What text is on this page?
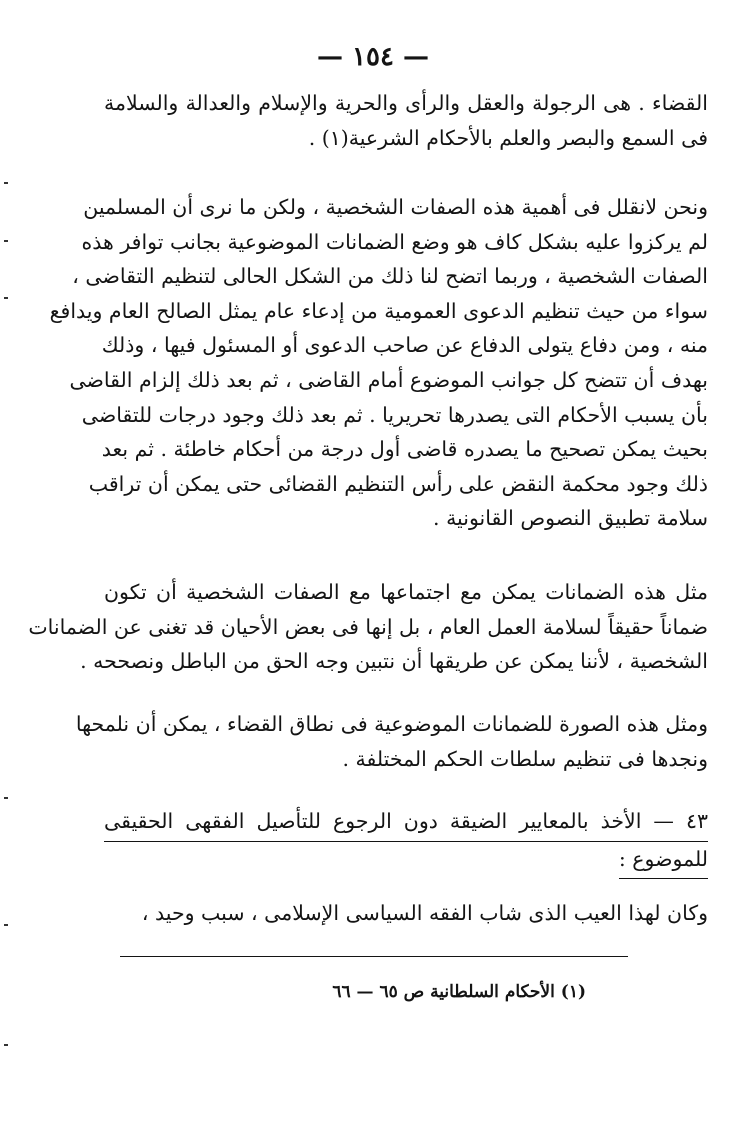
— ١٥٤ —
القضاء . هى الرجولة والعقل والرأى والحرية والإسلام والعدالة والسلامة
فى السمع والبصر والعلم بالأحكام الشرعية(١) .
ونحن لانقلل فى أهمية هذه الصفات الشخصية ، ولكن ما نرى أن المسلمين
لم يركزوا عليه بشكل كاف هو وضع الضمانات الموضوعية بجانب توافر هذه
الصفات الشخصية ، وربما اتضح لنا ذلك من الشكل الحالى لتنظيم التقاضى ،
سواء من حيث تنظيم الدعوى العمومية من إدعاء عام يمثل الصالح العام ويدافع
منه ، ومن دفاع يتولى الدفاع عن صاحب الدعوى أو المسئول فيها ، وذلك
بهدف أن تتضح كل جوانب الموضوع أمام القاضى ، ثم بعد ذلك إلزام القاضى
بأن يسبب الأحكام التى يصدرها تحريريا . ثم بعد ذلك وجود درجات للتقاضى
بحيث يمكن تصحيح ما يصدره قاضى أول درجة من أحكام خاطئة . ثم بعد
ذلك وجود محكمة النقض على رأس التنظيم القضائى حتى يمكن أن تراقب
سلامة تطبيق النصوص القانونية .
مثل هذه الضمانات يمكن مع اجتماعها مع الصفات الشخصية أن تكون
ضماناً حقيقاً لسلامة العمل العام ، بل إنها فى بعض الأحيان قد تغنى عن الضمانات
الشخصية ، لأننا يمكن عن طريقها أن نتبين وجه الحق من الباطل ونصححه .
ومثل هذه الصورة للضمانات الموضوعية فى نطاق القضاء ، يمكن أن نلمحها
ونجدها فى تنظيم سلطات الحكم المختلفة .
٤٣ — الأخذ بالمعايير الضيقة دون الرجوع للتأصيل الفقهى الحقيقى
للموضوع :
وكان لهذا العيب الذى شاب الفقه السياسى الإسلامى ، سبب وحيد ،
(١) الأحكام السلطانية ص ٦٥ — ٦٦
